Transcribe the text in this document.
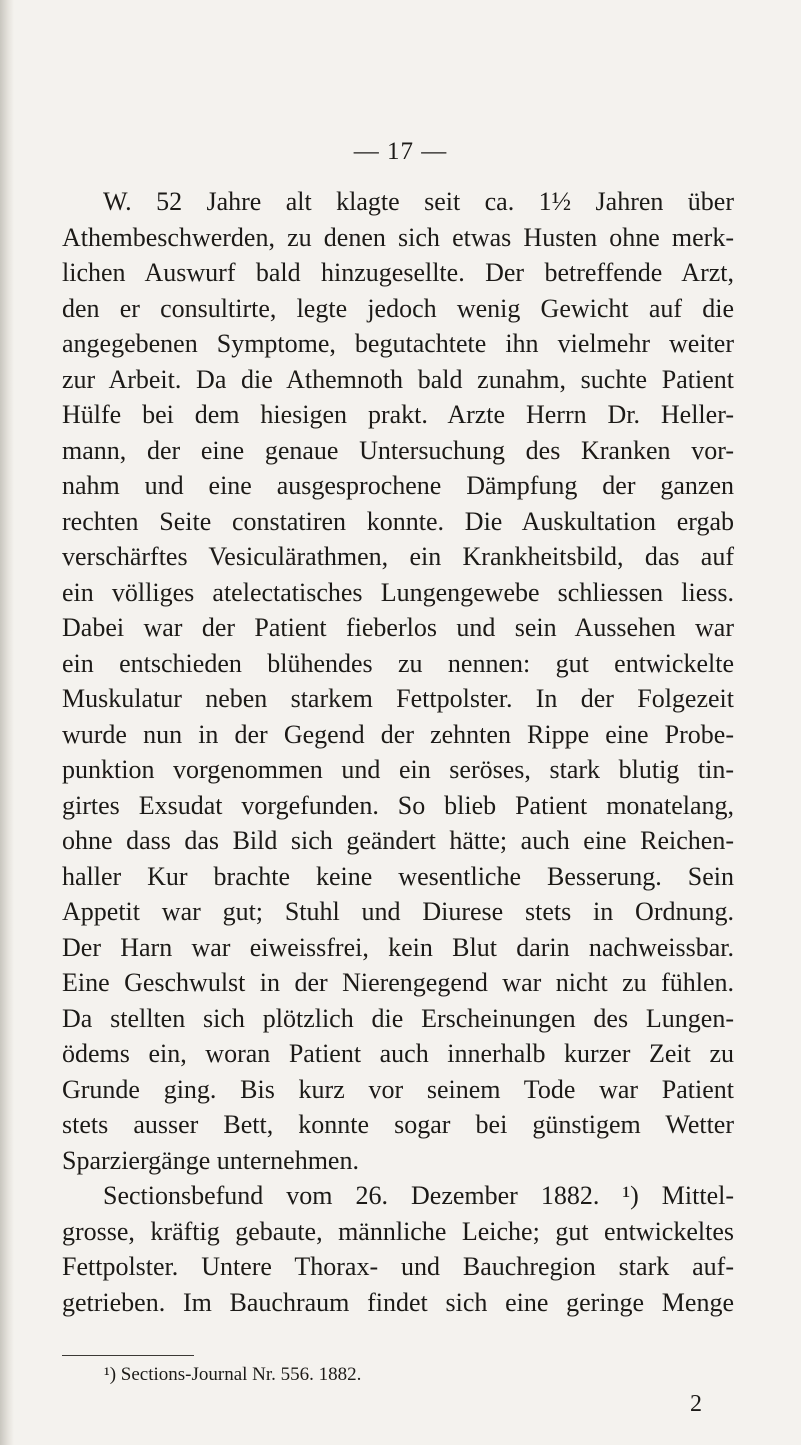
— 17 —
W. 52 Jahre alt klagte seit ca. 1½ Jahren über
Athembeschwerden, zu denen sich etwas Husten ohne merk-
lichen Auswurf bald hinzugesellte. Der betreffende Arzt,
den er consultirte, legte jedoch wenig Gewicht auf die
angegebenen Symptome, begutachtete ihn vielmehr weiter
zur Arbeit. Da die Athemnoth bald zunahm, suchte Patient
Hülfe bei dem hiesigen prakt. Arzte Herrn Dr. Heller-
mann, der eine genaue Untersuchung des Kranken vor-
nahm und eine ausgesprochene Dämpfung der ganzen
rechten Seite constatiren konnte. Die Auskultation ergab
verschärftes Vesiculärathmen, ein Krankheitsbild, das auf
ein völliges atelectatisches Lungengewebe schliessen liess.
Dabei war der Patient fieberlos und sein Aussehen war
ein entschieden blühendes zu nennen: gut entwickelte
Muskulatur neben starkem Fettpolster. In der Folgezeit
wurde nun in der Gegend der zehnten Rippe eine Probe-
punktion vorgenommen und ein seröses, stark blutig tin-
girtes Exsudat vorgefunden. So blieb Patient monatelang,
ohne dass das Bild sich geändert hätte; auch eine Reichen-
haller Kur brachte keine wesentliche Besserung. Sein
Appetit war gut; Stuhl und Diurese stets in Ordnung.
Der Harn war eiweissfrei, kein Blut darin nachweissbar.
Eine Geschwulst in der Nierengegend war nicht zu fühlen.
Da stellten sich plötzlich die Erscheinungen des Lungen-
ödems ein, woran Patient auch innerhalb kurzer Zeit zu
Grunde ging. Bis kurz vor seinem Tode war Patient
stets ausser Bett, konnte sogar bei günstigem Wetter
Sparziergänge unternehmen.
Sectionsbefund vom 26. Dezember 1882. ¹) Mittel-
grosse, kräftig gebaute, männliche Leiche; gut entwickeltes
Fettpolster. Untere Thorax- und Bauchregion stark auf-
getrieben. Im Bauchraum findet sich eine geringe Menge
¹) Sections-Journal Nr. 556. 1882.
2
